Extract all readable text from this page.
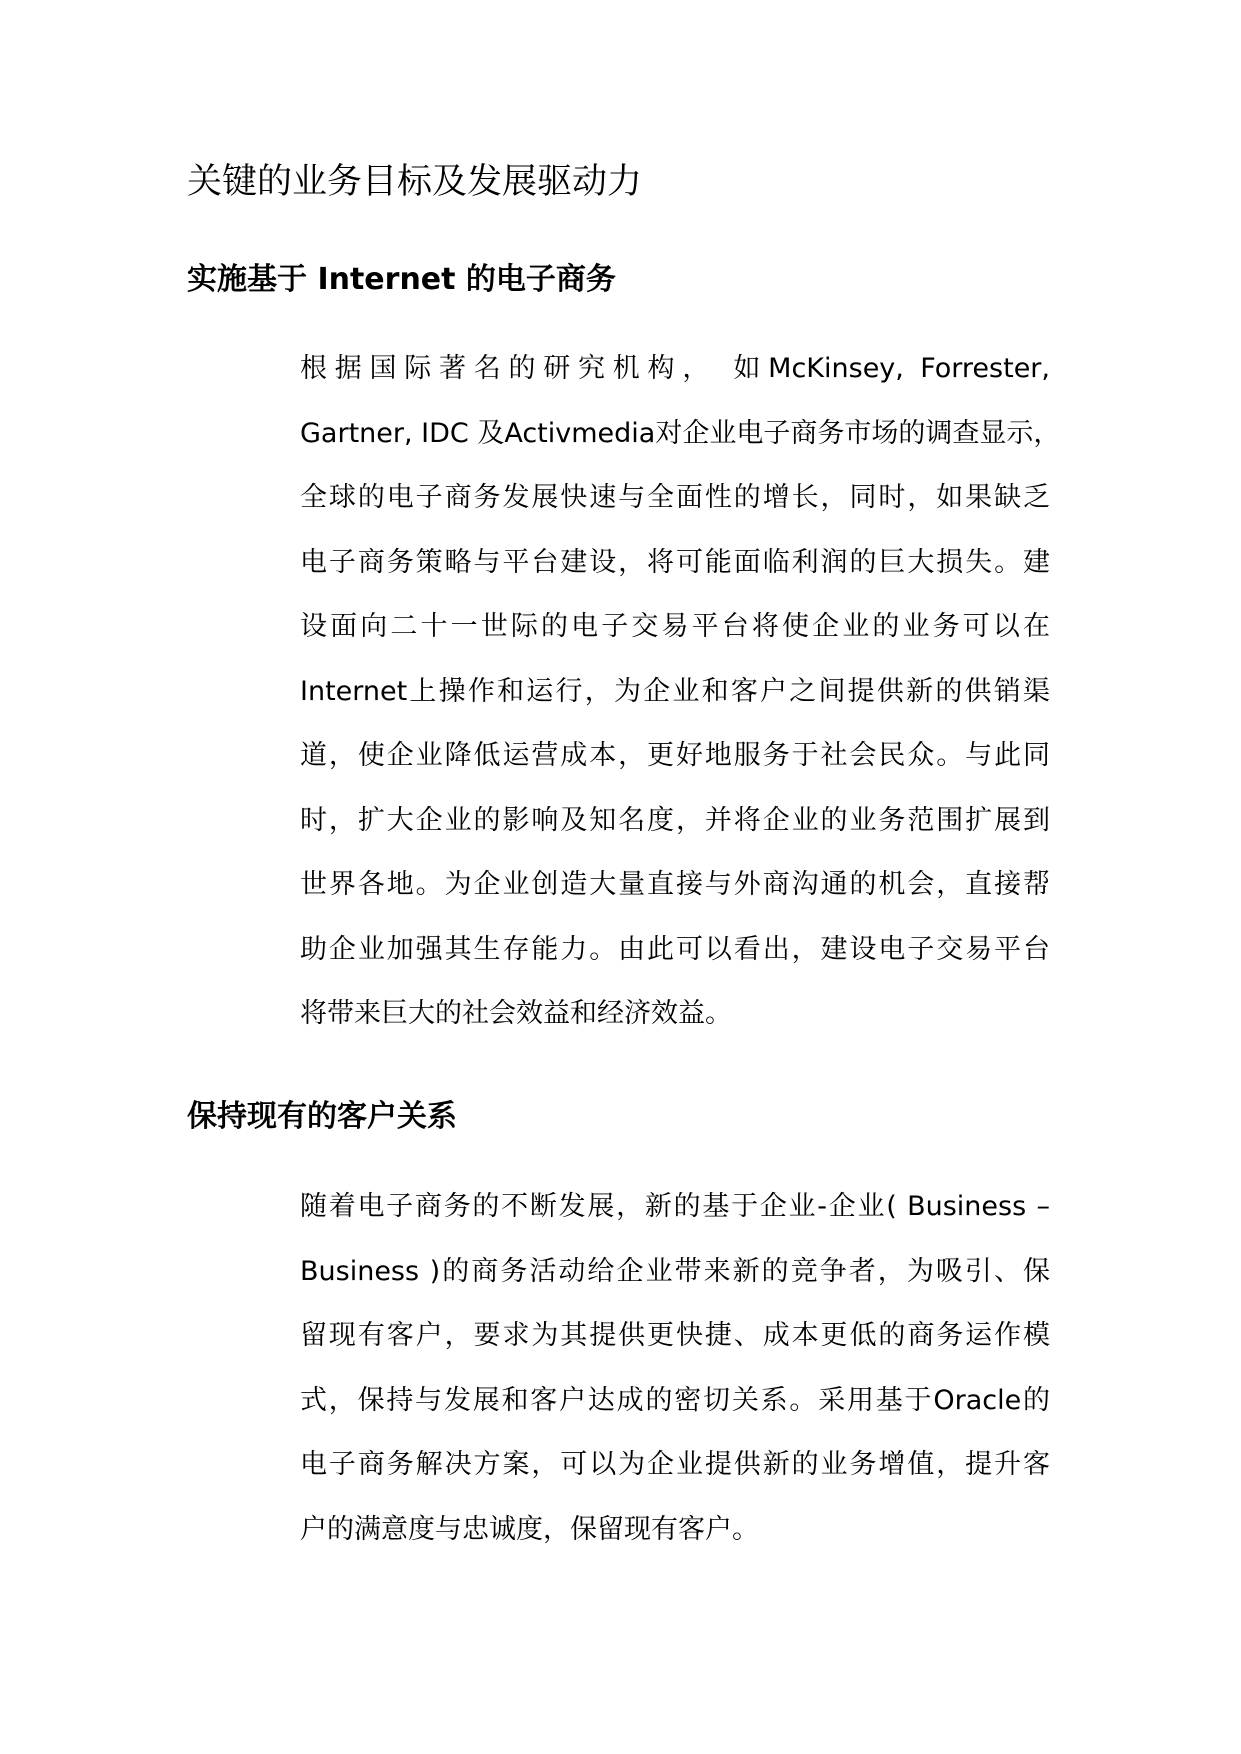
关键的业务目标及发展驱动力
实施基于 Internet 的电子商务
根据国际著名的研究机构， 如McKinsey, Forrester,
Gartner, IDC 及Activmedia对企业电子商务市场的调查显示，
全球的电子商务发展快速与全面性的增长，同时，如果缺乏
电子商务策略与平台建设，将可能面临利润的巨大损失。建
设面向二十一世际的电子交易平台将使企业的业务可以在
Internet上操作和运行，为企业和客户之间提供新的供销渠
道，使企业降低运营成本，更好地服务于社会民众。与此同
时，扩大企业的影响及知名度，并将企业的业务范围扩展到
世界各地。为企业创造大量直接与外商沟通的机会，直接帮
助企业加强其生存能力。由此可以看出，建设电子交易平台
将带来巨大的社会效益和经济效益。
保持现有的客户关系
随着电子商务的不断发展，新的基于企业-企业( Business –
Business )的商务活动给企业带来新的竞争者，为吸引、保
留现有客户，要求为其提供更快捷、成本更低的商务运作模
式，保持与发展和客户达成的密切关系。采用基于Oracle的
电子商务解决方案，可以为企业提供新的业务增值，提升客
户的满意度与忠诚度，保留现有客户。
